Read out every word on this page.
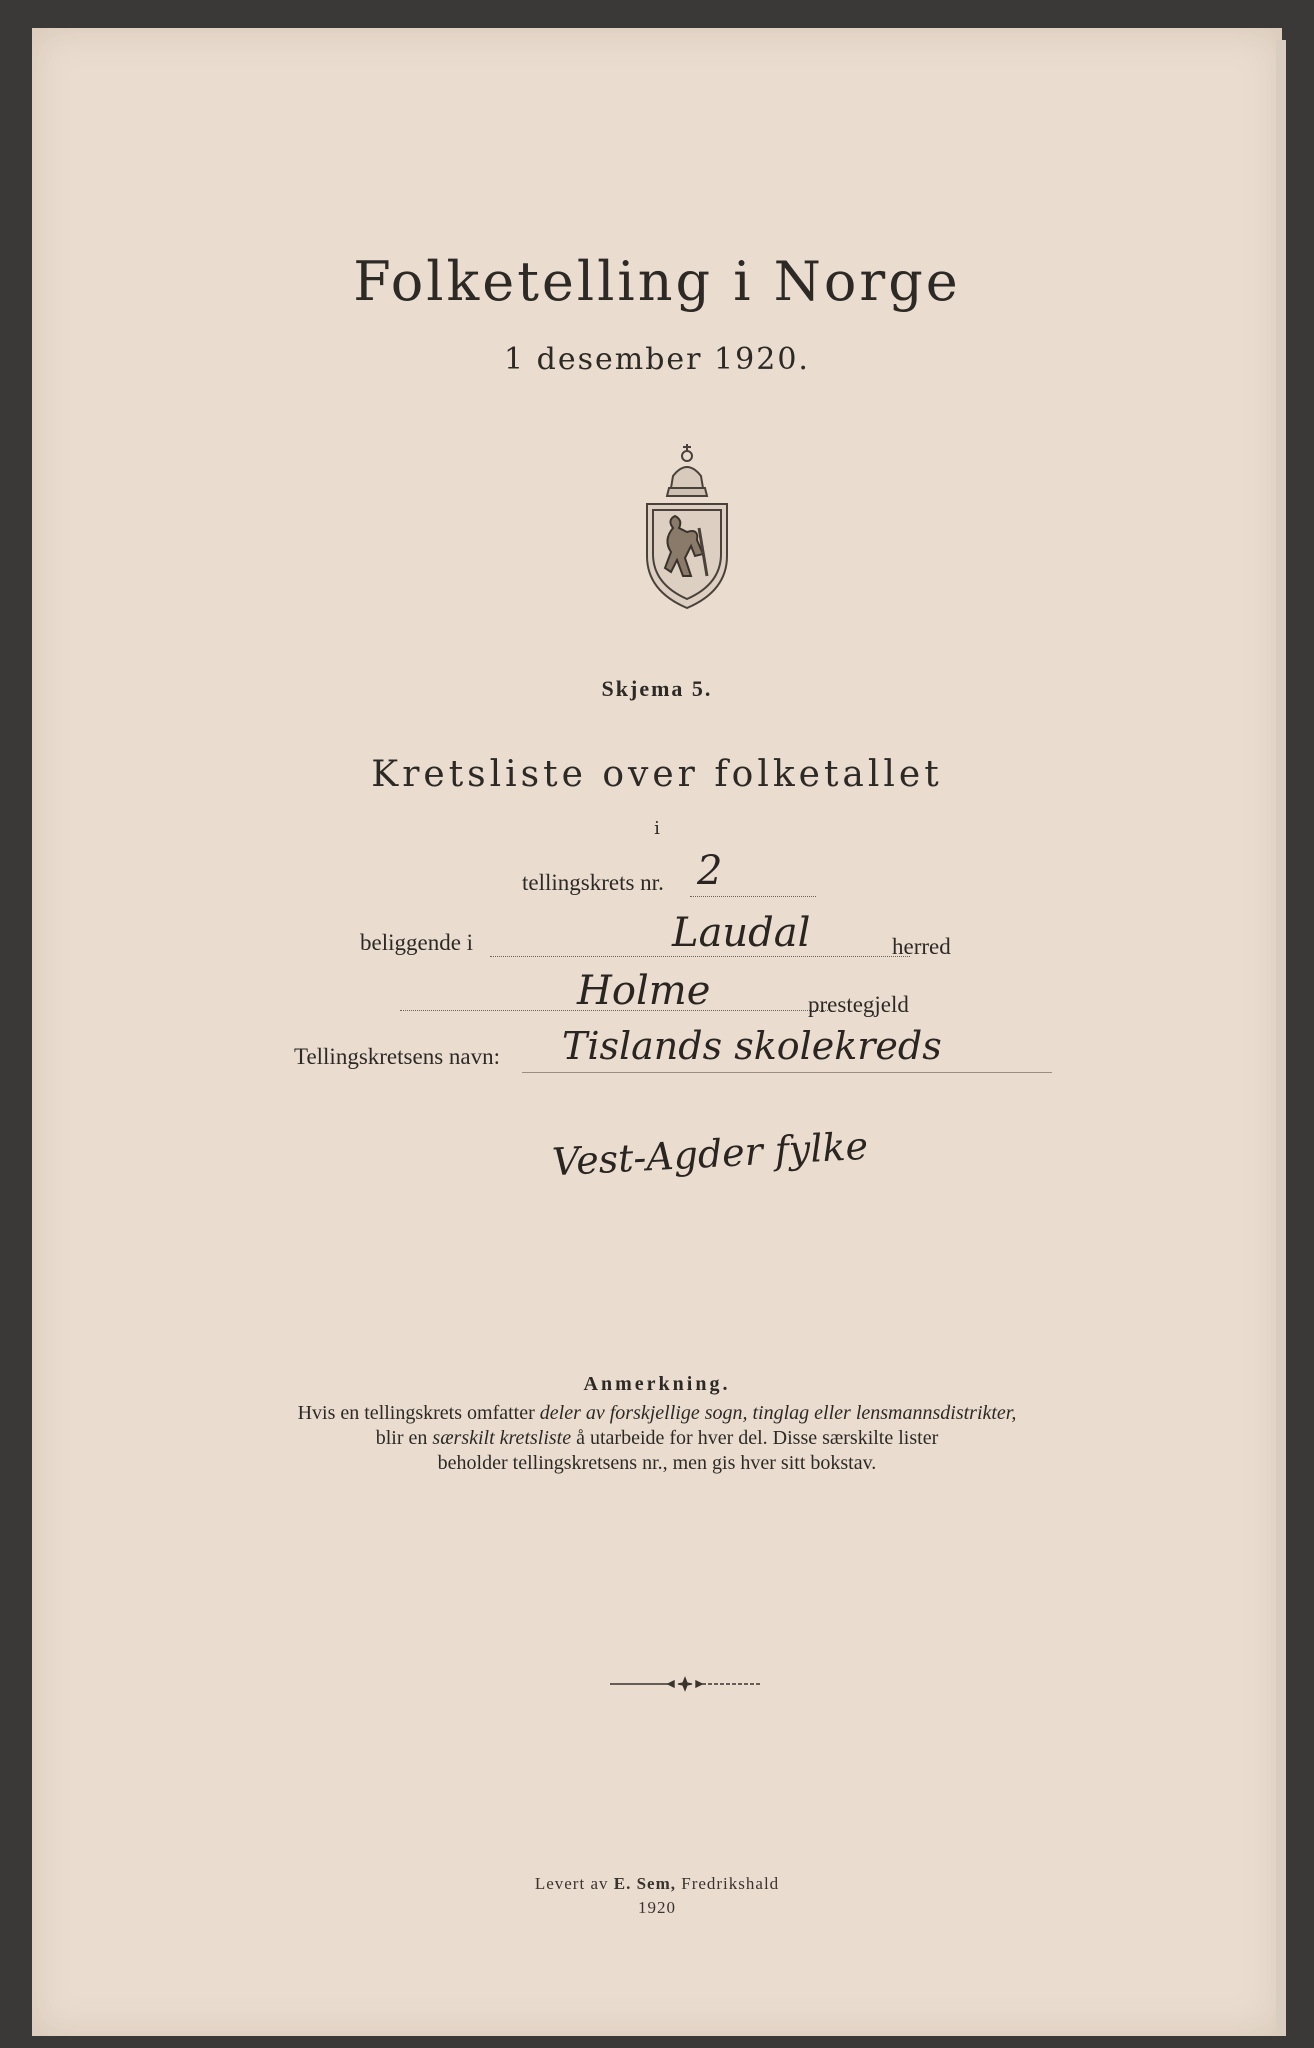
Folketelling i Norge
1 desember 1920.
Skjema 5.
Kretsliste over folketallet
i
tellingskrets nr. 2
beliggende i	Laudal	herred
Holme	prestegjeld
Tellingskretsens navn: Tislands skolekreds
Vest-Agder fylke
Anmerkning.
Hvis en tellingskrets omfatter deler av forskjellige sogn, tinglag eller lensmannsdistrikter,
blir en særskilt kretsliste å utarbeide for hver del. Disse særskilte lister
beholder tellingskretsens nr., men gis hver sitt bokstav.
Levert av E. Sem, Fredrikshald
1920
